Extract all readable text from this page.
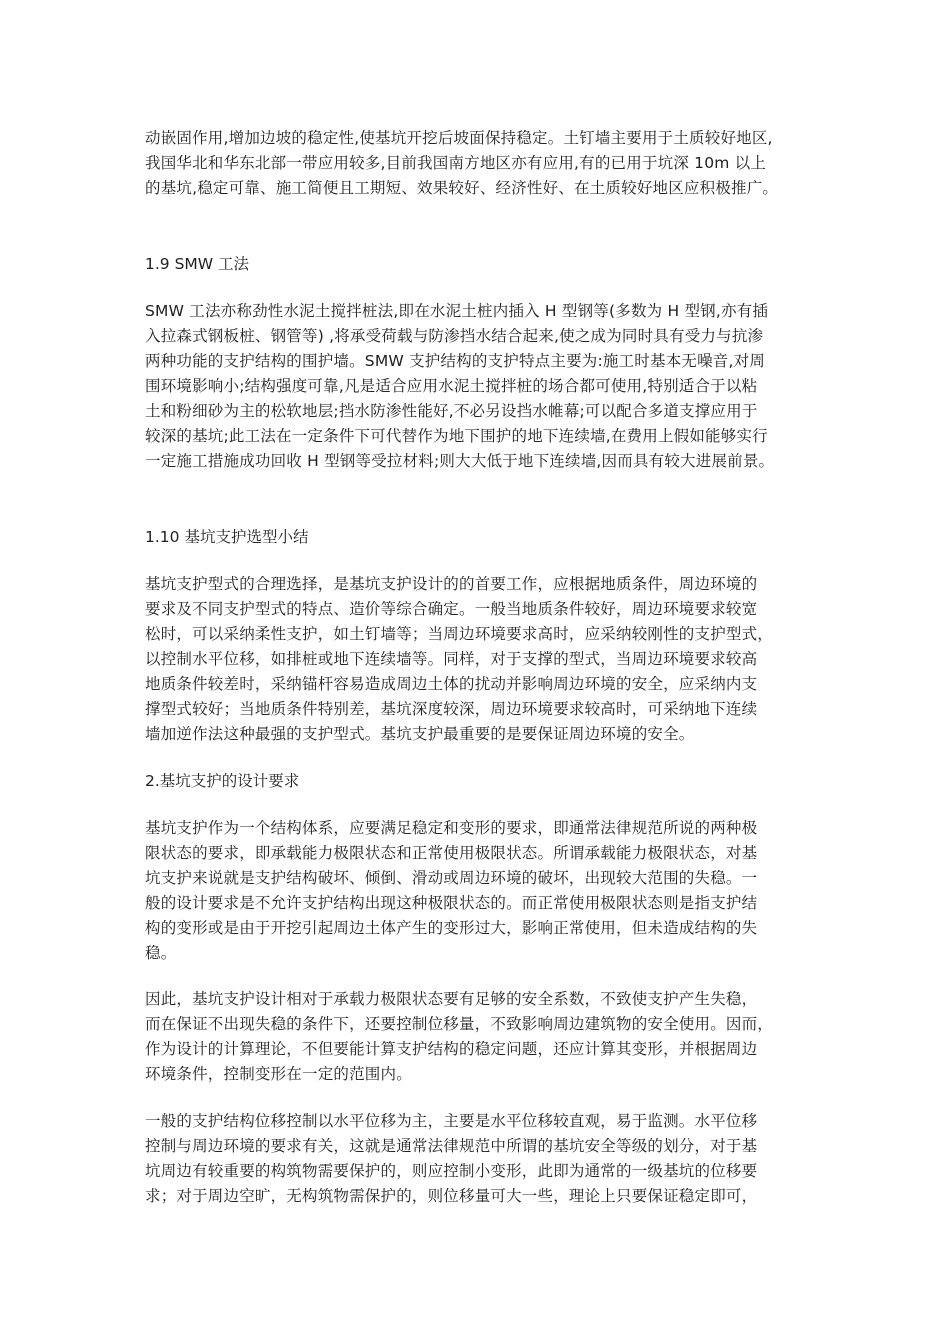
动嵌固作用,增加边坡的稳定性,使基坑开挖后坡面保持稳定。土钉墙主要用于土质较好地区,
我国华北和华东北部一带应用较多,目前我国南方地区亦有应用,有的已用于坑深 10m 以上
的基坑,稳定可靠、施工简便且工期短、效果较好、经济性好、在土质较好地区应积极推广。

1.9 SMW 工法

SMW 工法亦称劲性水泥土搅拌桩法,即在水泥土桩内插入 H 型钢等(多数为 H 型钢,亦有插
入拉森式钢板桩、钢管等) ,将承受荷载与防渗挡水结合起来,使之成为同时具有受力与抗渗
两种功能的支护结构的围护墙。SMW 支护结构的支护特点主要为:施工时基本无噪音,对周
围环境影响小;结构强度可靠,凡是适合应用水泥土搅拌桩的场合都可使用,特别适合于以粘
土和粉细砂为主的松软地层;挡水防渗性能好,不必另设挡水帷幕;可以配合多道支撑应用于
较深的基坑;此工法在一定条件下可代替作为地下围护的地下连续墙,在费用上假如能够实行
一定施工措施成功回收 H 型钢等受拉材料;则大大低于地下连续墙,因而具有较大进展前景。

1.10 基坑支护选型小结

基坑支护型式的合理选择，是基坑支护设计的的首要工作，应根据地质条件，周边环境的
要求及不同支护型式的特点、造价等综合确定。一般当地质条件较好，周边环境要求较宽
松时，可以采纳柔性支护，如土钉墙等；当周边环境要求高时，应采纳较刚性的支护型式，
以控制水平位移，如排桩或地下连续墙等。同样，对于支撑的型式，当周边环境要求较高
地质条件较差时，采纳锚杆容易造成周边土体的扰动并影响周边环境的安全，应采纳内支
撑型式较好；当地质条件特别差，基坑深度较深，周边环境要求较高时，可采纳地下连续
墙加逆作法这种最强的支护型式。基坑支护最重要的是要保证周边环境的安全。

2.基坑支护的设计要求

基坑支护作为一个结构体系，应要满足稳定和变形的要求，即通常法律规范所说的两种极
限状态的要求，即承载能力极限状态和正常使用极限状态。所谓承载能力极限状态，对基
坑支护来说就是支护结构破坏、倾倒、滑动或周边环境的破坏，出现较大范围的失稳。一
般的设计要求是不允许支护结构出现这种极限状态的。而正常使用极限状态则是指支护结
构的变形或是由于开挖引起周边土体产生的变形过大，影响正常使用，但未造成结构的失
稳。

因此，基坑支护设计相对于承载力极限状态要有足够的安全系数，不致使支护产生失稳，
而在保证不出现失稳的条件下，还要控制位移量，不致影响周边建筑物的安全使用。因而，
作为设计的计算理论，不但要能计算支护结构的稳定问题，还应计算其变形，并根据周边
环境条件，控制变形在一定的范围内。

一般的支护结构位移控制以水平位移为主，主要是水平位移较直观，易于监测。水平位移
控制与周边环境的要求有关，这就是通常法律规范中所谓的基坑安全等级的划分，对于基
坑周边有较重要的构筑物需要保护的，则应控制小变形，此即为通常的一级基坑的位移要
求；对于周边空旷，无构筑物需保护的，则位移量可大一些，理论上只要保证稳定即可，
